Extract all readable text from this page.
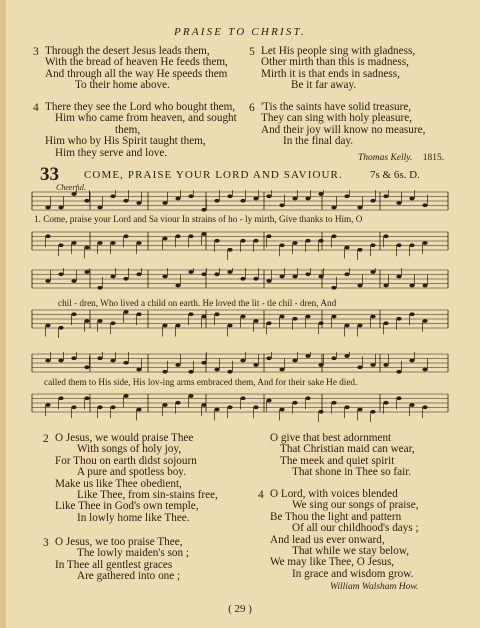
PRAISE TO CHRIST.
3 Through the desert Jesus leads them,
With the bread of heaven He feeds them,
And through all the way He speeds them
To their home above.
4 There they see the Lord who bought them,
Him who came from heaven, and sought
them,
Him who by His Spirit taught them,
Him they serve and love.
5 Let His people sing with gladness,
Other mirth than this is madness,
Mirth it is that ends in sadness,
Be it far away.
6 'Tis the saints have solid treasure,
They can sing with holy pleasure,
And their joy will know no measure,
In the final day.
Thomas Kelly. 1815.
33 COME, PRAISE YOUR LORD AND SAVIOUR. 7s & 6s. D.
Cheerful.
1. Come, praise your Lord and Sa viour In strains of ho - ly mirth, Give thanks to Him, O
chil - dren, Who lived a child on earth. He loved the lit - tle chil - dren, And
called them to His side, His lov-ing arms embraced them, And for their sake He died.
2 O Jesus, we would praise Thee
With songs of holy joy,
For Thou on earth didst sojourn
A pure and spotless boy.
Make us like Thee obedient,
Like Thee, from sin-stains free,
Like Thee in God's own temple,
In lowly home like Thee.
3 O Jesus, we too praise Thee,
The lowly maiden's son ;
In Thee all gentlest graces
Are gathered into one ;
O give that best adornment
That Christian maid can wear,
The meek and quiet spirit
That shone in Thee so fair.
4 O Lord, with voices blended
We sing our songs of praise,
Be Thou the light and pattern
Of all our childhood's days ;
And lead us ever onward,
That while we stay below,
We may like Thee, O Jesus,
In grace and wisdom grow.
William Walsham How.
( 29 )
